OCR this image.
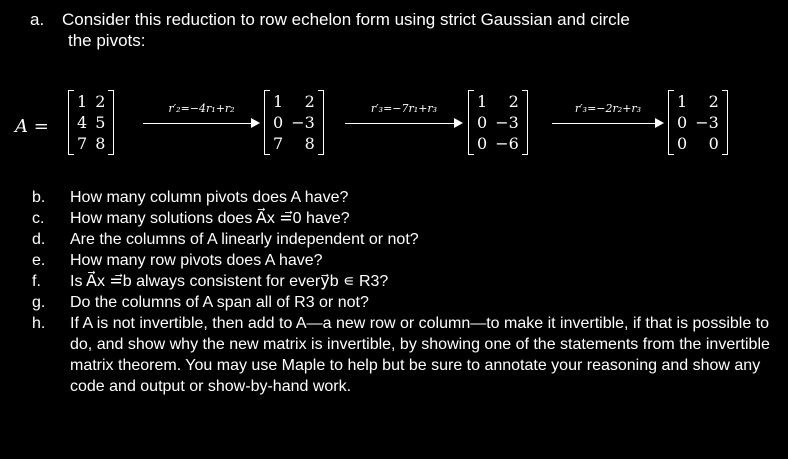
a. Consider this reduction to row echelon form using strict Gaussian and circle
the pivots:
A =
1	2
4	5
7	8
r′₂=−4r₁+r₂	1	2
0	−3
7	8
r′₃=−7r₁+r₃	1	2
0	−3
0	−6
r′₃=−2r₂+r₃	1	2
0	−3
0	0
b.	How many column pivots does A have?
c.	How many solutions does A⃗x =⃗0 have?
d.	Are the columns of A linearly independent or not?
e.	How many row pivots does A have?
f.	Is A⃗x =⃗b always consistent for every⃗b ∊ R3?
g.	Do the columns of A span all of R3 or not?
h.	If A is not invertible, then add to A—a new row or column—to make it invertible, if that is possible to do, and show why the new matrix is invertible, by showing one of the statements from the invertible matrix theorem. You may use Maple to help but be sure to annotate your reasoning and show any code and output or show-by-hand work.
